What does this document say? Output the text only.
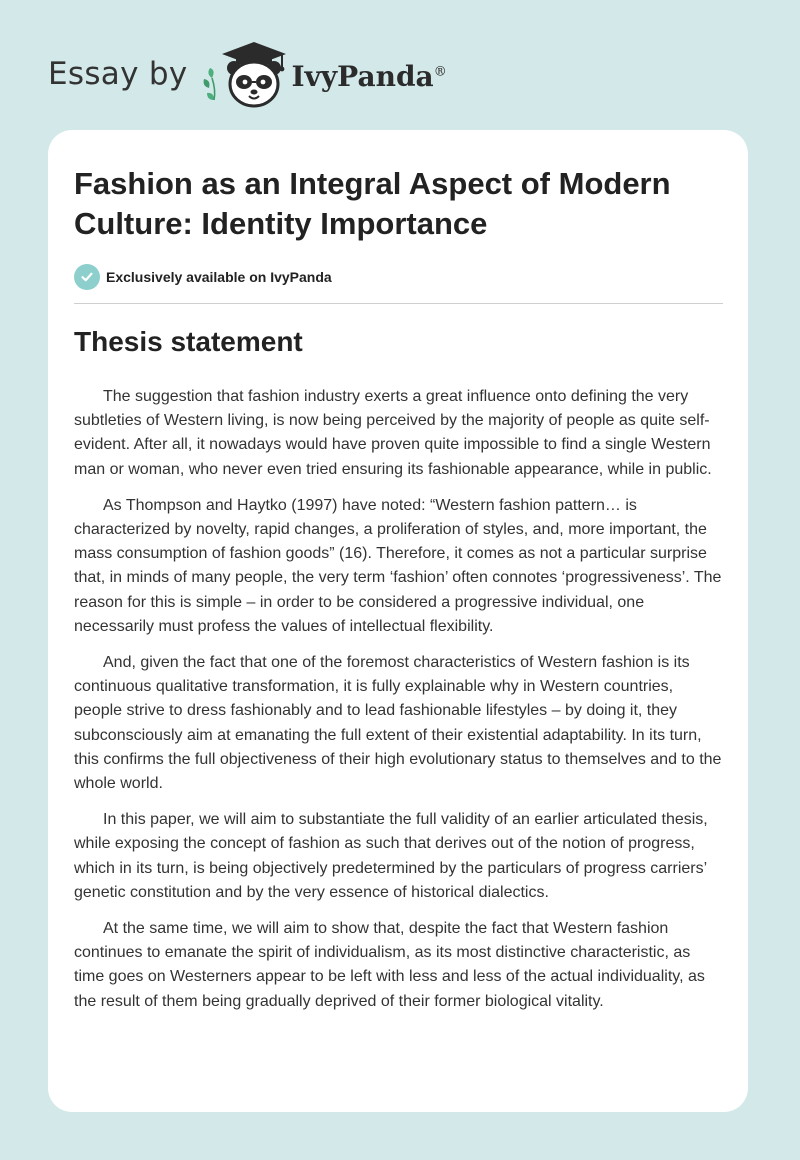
Essay by	IvyPanda®
Fashion as an Integral Aspect of Modern Culture: Identity Importance
Exclusively available on IvyPanda
Thesis statement

The suggestion that fashion industry exerts a great influence onto defining the very subtleties of Western living, is now being perceived by the majority of people as quite self-evident. After all, it nowadays would have proven quite impossible to find a single Western man or woman, who never even tried ensuring its fashionable appearance, while in public.

As Thompson and Haytko (1997) have noted: “Western fashion pattern… is characterized by novelty, rapid changes, a proliferation of styles, and, more important, the mass consumption of fashion goods” (16). Therefore, it comes as not a particular surprise that, in minds of many people, the very term ‘fashion’ often connotes ‘progressiveness’. The reason for this is simple – in order to be considered a progressive individual, one necessarily must profess the values of intellectual flexibility.

And, given the fact that one of the foremost characteristics of Western fashion is its continuous qualitative transformation, it is fully explainable why in Western countries, people strive to dress fashionably and to lead fashionable lifestyles – by doing it, they subconsciously aim at emanating the full extent of their existential adaptability. In its turn, this confirms the full objectiveness of their high evolutionary status to themselves and to the whole world.

In this paper, we will aim to substantiate the full validity of an earlier articulated thesis, while exposing the concept of fashion as such that derives out of the notion of progress, which in its turn, is being objectively predetermined by the particulars of progress carriers’ genetic constitution and by the very essence of historical dialectics.

At the same time, we will aim to show that, despite the fact that Western fashion continues to emanate the spirit of individualism, as its most distinctive characteristic, as time goes on Westerners appear to be left with less and less of the actual individuality, as the result of them being gradually deprived of their former biological vitality.
